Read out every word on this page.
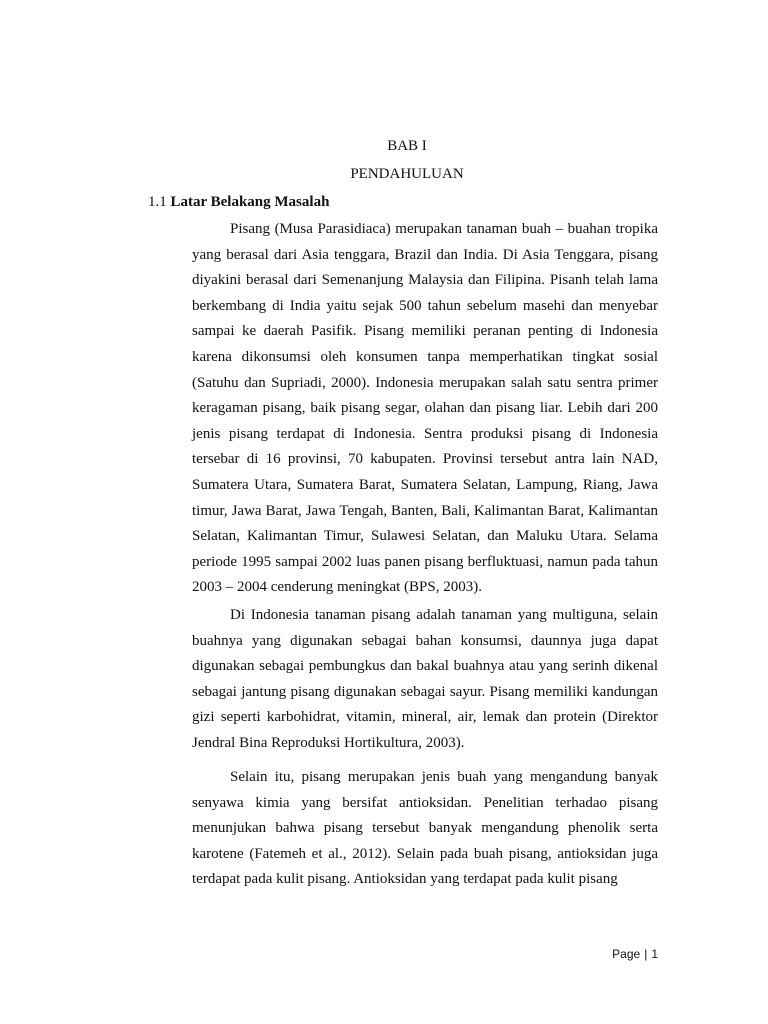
BAB I
PENDAHULUAN
1.1 Latar Belakang Masalah

Pisang (Musa Parasidiaca) merupakan tanaman buah – buahan tropika yang berasal dari Asia tenggara, Brazil dan India. Di Asia Tenggara, pisang diyakini berasal dari Semenanjung Malaysia dan Filipina. Pisanh telah lama berkembang di India yaitu sejak 500 tahun sebelum masehi dan menyebar sampai ke daerah Pasifik. Pisang memiliki peranan penting di Indonesia karena dikonsumsi oleh konsumen tanpa memperhatikan tingkat sosial (Satuhu dan Supriadi, 2000). Indonesia merupakan salah satu sentra primer keragaman pisang, baik pisang segar, olahan dan pisang liar. Lebih dari 200 jenis pisang terdapat di Indonesia. Sentra produksi pisang di Indonesia tersebar di 16 provinsi, 70 kabupaten. Provinsi tersebut antra lain NAD, Sumatera Utara, Sumatera Barat, Sumatera Selatan, Lampung, Riang, Jawa timur, Jawa Barat, Jawa Tengah, Banten, Bali, Kalimantan Barat, Kalimantan Selatan, Kalimantan Timur, Sulawesi Selatan, dan Maluku Utara. Selama periode 1995 sampai 2002 luas panen pisang berfluktuasi, namun pada tahun 2003 – 2004 cenderung meningkat (BPS, 2003).

Di Indonesia tanaman pisang adalah tanaman yang multiguna, selain buahnya yang digunakan sebagai bahan konsumsi, daunnya juga dapat digunakan sebagai pembungkus dan bakal buahnya atau yang serinh dikenal sebagai jantung pisang digunakan sebagai sayur. Pisang memiliki kandungan gizi seperti karbohidrat, vitamin, mineral, air, lemak dan protein (Direktor Jendral Bina Reproduksi Hortikultura, 2003).

Selain itu, pisang merupakan jenis buah yang mengandung banyak senyawa kimia yang bersifat antioksidan. Penelitian terhadao pisang menunjukan bahwa pisang tersebut banyak mengandung phenolik serta karotene (Fatemeh et al., 2012). Selain pada buah pisang, antioksidan juga terdapat pada kulit pisang. Antioksidan yang terdapat pada kulit pisang

Page | 1
